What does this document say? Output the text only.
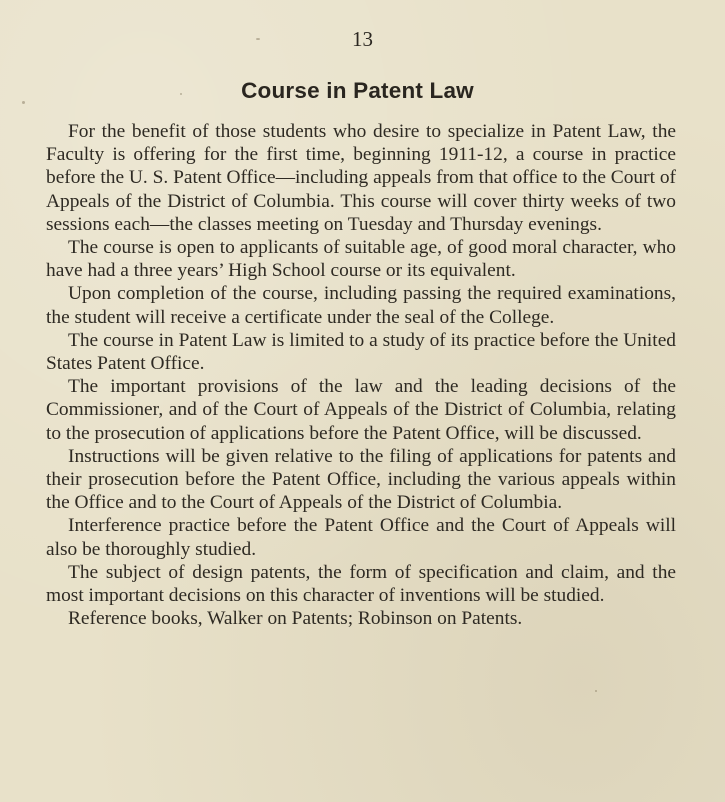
13
Course in Patent Law

For the benefit of those students who desire to specialize in Patent Law, the Faculty is offering for the first time, beginning 1911-12, a course in practice before the U. S. Patent Office—including appeals from that office to the Court of Appeals of the District of Columbia. This course will cover thirty weeks of two sessions each—the classes meeting on Tuesday and Thursday evenings.

The course is open to applicants of suitable age, of good moral character, who have had a three years’ High School course or its equivalent.

Upon completion of the course, including passing the required examinations, the student will receive a certificate under the seal of the College.

The course in Patent Law is limited to a study of its practice before the United States Patent Office.

The important provisions of the law and the leading decisions of the Commissioner, and of the Court of Appeals of the District of Columbia, relating to the prosecution of applications before the Patent Office, will be discussed.

Instructions will be given relative to the filing of applications for patents and their prosecution before the Patent Office, including the various appeals within the Office and to the Court of Appeals of the District of Columbia.

Interference practice before the Patent Office and the Court of Appeals will also be thoroughly studied.

The subject of design patents, the form of specification and claim, and the most important decisions on this character of inventions will be studied.

Reference books, Walker on Patents; Robinson on Patents.
